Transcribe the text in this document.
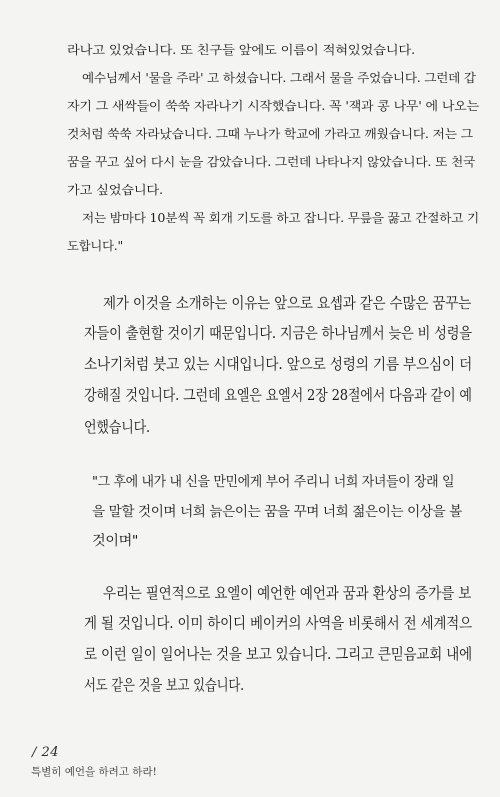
라나고 있었습니다. 또 친구들 앞에도 이름이 적혀있었습니다.
예수님께서 '물을 주라' 고 하셨습니다. 그래서 물을 주었습니다. 그런데 갑
자기 그 새싹들이 쑥쑥 자라나기 시작했습니다. 꼭 '잭과 콩 나무' 에 나오는
것처럼 쑥쑥 자라났습니다. 그때 누나가 학교에 가라고 깨웠습니다. 저는 그
꿈을 꾸고 싶어 다시 눈을 감았습니다. 그런데 나타나지 않았습니다. 또 천국
가고 싶었습니다.
저는 밤마다 10분씩 꼭 회개 기도를 하고 잡니다. 무릎을 꿇고 간절하고 기
도합니다."
제가 이것을 소개하는 이유는 앞으로 요셉과 같은 수많은 꿈꾸는
자들이 출현할 것이기 때문입니다. 지금은 하나님께서 늦은 비 성령을
소나기처럼 붓고 있는 시대입니다. 앞으로 성령의 기름 부으심이 더
강해질 것입니다. 그런데 요엘은 요엘서 2장 28절에서 다음과 같이 예
언했습니다.
"그 후에 내가 내 신을 만민에게 부어 주리니 너희 자녀들이 장래 일
을 말할 것이며 너희 늙은이는 꿈을 꾸며 너희 젊은이는 이상을 볼
것이며"
우리는 필연적으로 요엘이 예언한 예언과 꿈과 환상의 증가를 보
게 될 것입니다. 이미 하이디 베이커의 사역을 비롯해서 전 세계적으
로 이런 일이 일어나는 것을 보고 있습니다. 그리고 큰믿음교회 내에
서도 같은 것을 보고 있습니다.
/ 24
특별히 예언을 하려고 하라!
